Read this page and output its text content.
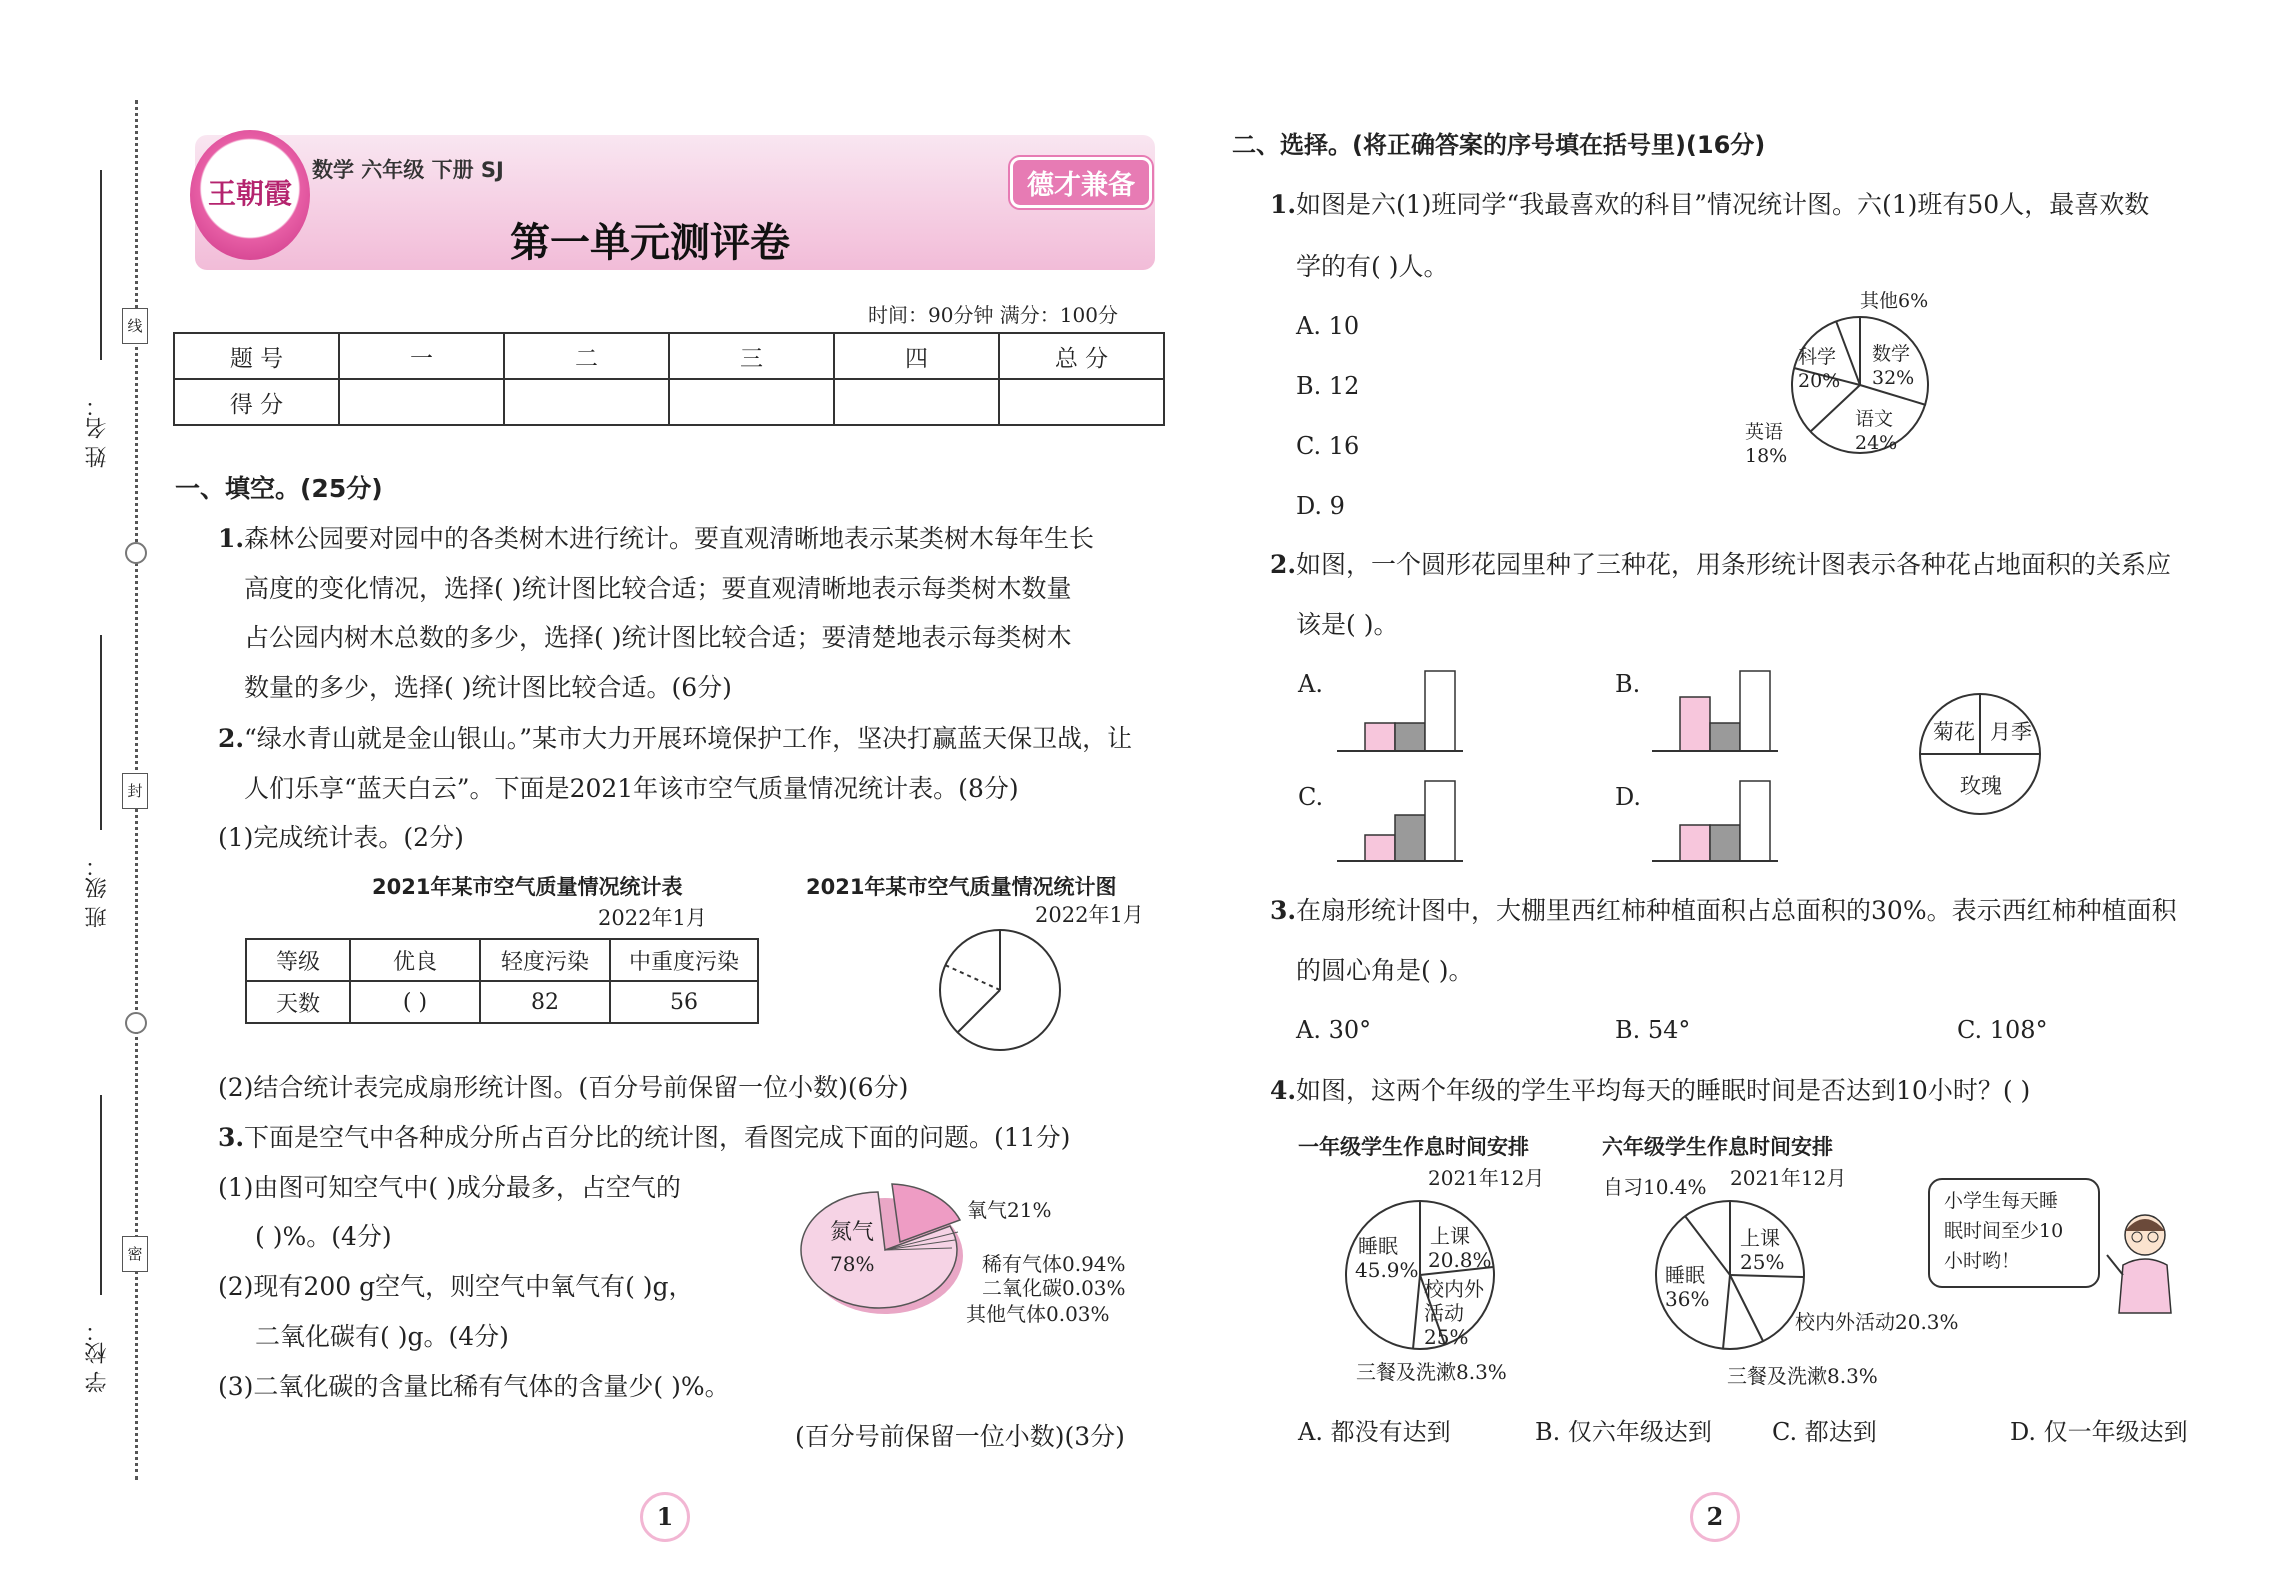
姓 名：
班 级：
学 校：
线
封
密
王朝霞
数学 六年级 下册 SJ
第一单元测评卷
德才兼备
时间：90分钟 满分：100分
题 号	一	二	三	四	总 分
得 分					
一、填空。(25分)
1. 森林公园要对园中的各类树木进行统计。要直观清晰地表示某类树木每年生长
高度的变化情况，选择( )统计图比较合适；要直观清晰地表示每类树木数量
占公园内树木总数的多少，选择( )统计图比较合适；要清楚地表示每类树木
数量的多少，选择( )统计图比较合适。(6分)
2. “绿水青山就是金山银山。”某市大力开展环境保护工作，坚决打赢蓝天保卫战，让
人们乐享“蓝天白云”。下面是2021年该市空气质量情况统计表。(8分)
(1)完成统计表。(2分)
2021年某市空气质量情况统计表
2022年1月
等级	优良	轻度污染	中重度污染
天数	( )	82	56
2021年某市空气质量情况统计图
2022年1月
(2)结合统计表完成扇形统计图。(百分号前保留一位小数)(6分)
3. 下面是空气中各种成分所占百分比的统计图，看图完成下面的问题。(11分)
(1)由图可知空气中( )成分最多，占空气的
( )%。(4分)
(2)现有200 g空气，则空气中氧气有( )g，
二氧化碳有( )g。(4分)
(3)二氧化碳的含量比稀有气体的含量少( )%。
(百分号前保留一位小数)(3分)
氮气
78%
氧气21%
稀有气体0.94%
二氧化碳0.03%
其他气体0.03%
1
二、选择。(将正确答案的序号填在括号里)(16分)
1. 如图是六(1)班同学“我最喜欢的科目”情况统计图。六(1)班有50人，最喜欢数
学的有( )人。
A. 10
B. 12
C. 16
D. 9
其他6%
科学
20%
数学
32%
英语
18%
语文
24%
2. 如图，一个圆形花园里种了三种花，用条形统计图表示各种花占地面积的关系应
该是( )。
A.	B.
C.	D.
菊花 月季
玫瑰
3. 在扇形统计图中，大棚里西红柿种植面积占总面积的30%。表示西红柿种植面积
的圆心角是( )。
A. 30°	B. 54°	C. 108°
4. 如图，这两个年级的学生平均每天的睡眠时间是否达到10小时？( )
一年级学生作息时间安排
2021年12月
睡眠
45.9%
上课
20.8%
校内外
活动
25%
三餐及洗漱8.3%
六年级学生作息时间安排
2021年12月
自习10.4%
上课
25%
睡眠
36%
校内外活动20.3%
三餐及洗漱8.3%
小学生每天睡
眠时间至少10
小时哟！
A. 都没有达到	B. 仅六年级达到	C. 都达到	D. 仅一年级达到
2
